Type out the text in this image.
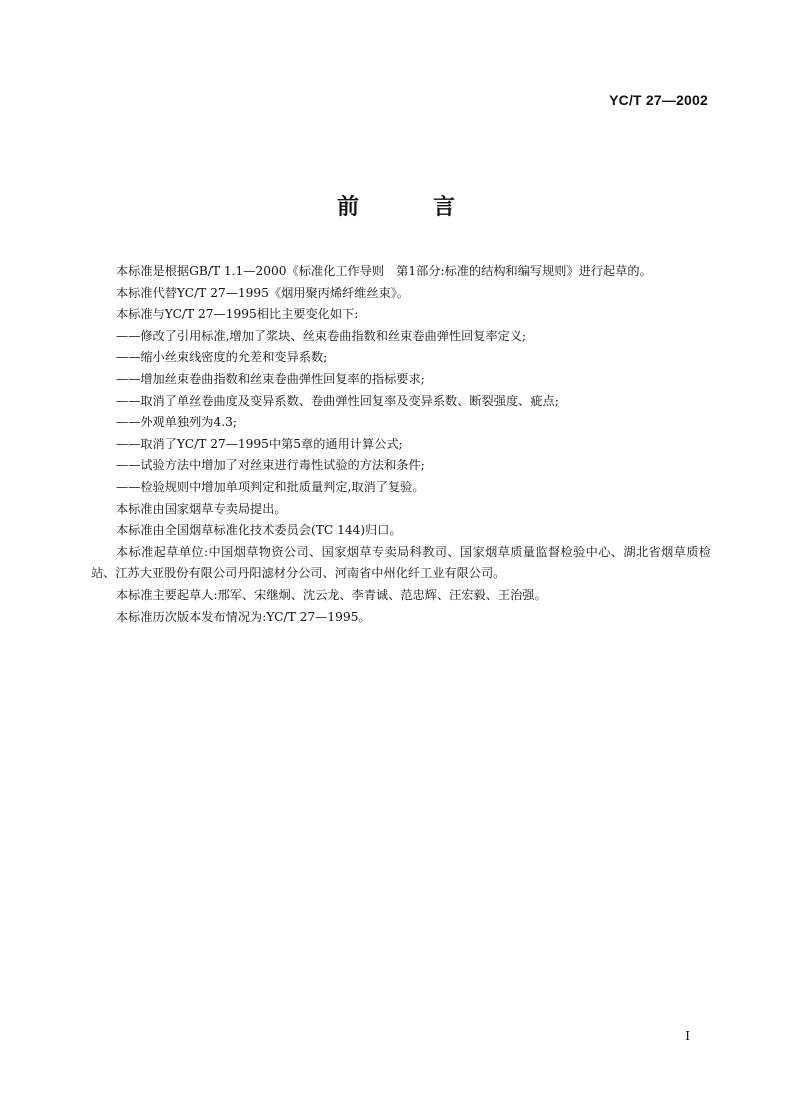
YC/T 27—2002
前　言

本标准是根据GB/T 1.1—2000《标准化工作导则　第1部分:标准的结构和编写规则》进行起草的。

本标准代替YC/T 27—1995《烟用聚丙烯纤维丝束》。

本标准与YC/T 27—1995相比主要变化如下:

——修改了引用标准,增加了浆块、丝束卷曲指数和丝束卷曲弹性回复率定义;

——缩小丝束线密度的允差和变异系数;

——增加丝束卷曲指数和丝束卷曲弹性回复率的指标要求;

——取消了单丝卷曲度及变异系数、卷曲弹性回复率及变异系数、断裂强度、疵点;

——外观单独列为4.3;

——取消了YC/T 27—1995中第5章的通用计算公式;

——试验方法中增加了对丝束进行毒性试验的方法和条件;

——检验规则中增加单项判定和批质量判定,取消了复验。

本标准由国家烟草专卖局提出。

本标准由全国烟草标准化技术委员会(TC 144)归口。

本标准起草单位:中国烟草物资公司、国家烟草专卖局科教司、国家烟草质量监督检验中心、湖北省烟草质检站、江苏大亚股份有限公司丹阳滤材分公司、河南省中州化纤工业有限公司。

本标准主要起草人:邢军、宋继炯、沈云龙、李青诚、范忠辉、汪宏毅、王治强。

本标准历次版本发布情况为:YC/T 27—1995。

I
